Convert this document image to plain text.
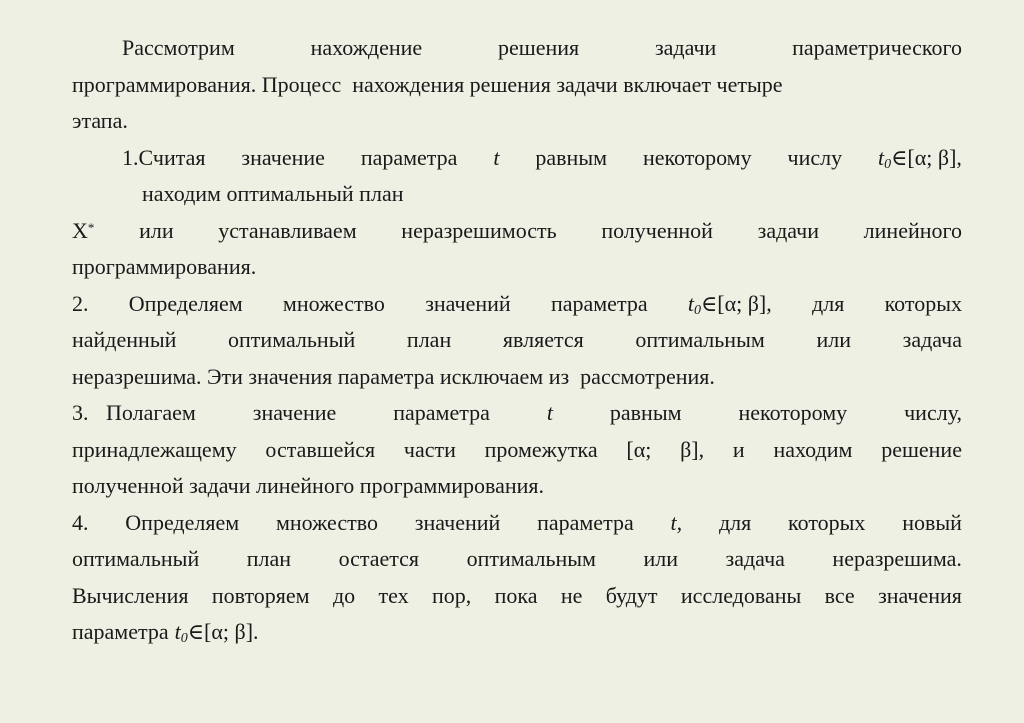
Рассмотрим	нахождение	решения	задачи	параметрического
программирования. Процесс  нахождения решения задачи включает четыре
этапа.
1.Считая значение параметра t равным некоторому числу $t_0\in[\alpha$; β],
находим оптимальный план
X* или устанавливаем неразрешимость полученной задачи линейного
программирования.
2. Определяем множество значений параметра $t_0\in[\alpha$; β], для которых
найденный оптимальный план является оптимальным или задача
неразрешима. Эти значения параметра исключаем из  рассмотрения.
3. Полагаем	значение	параметра	t	равным	некоторому	числу,
принадлежащему оставшейся части промежутка [α; β], и находим решение
полученной задачи линейного программирования.
4. Определяем множество значений параметра t, для которых новый
оптимальный план остается оптимальным или задача неразрешима.
Вычисления повторяем до тех пор, пока не будут исследованы все значения
параметра $t_0\in[\alpha$; β].
